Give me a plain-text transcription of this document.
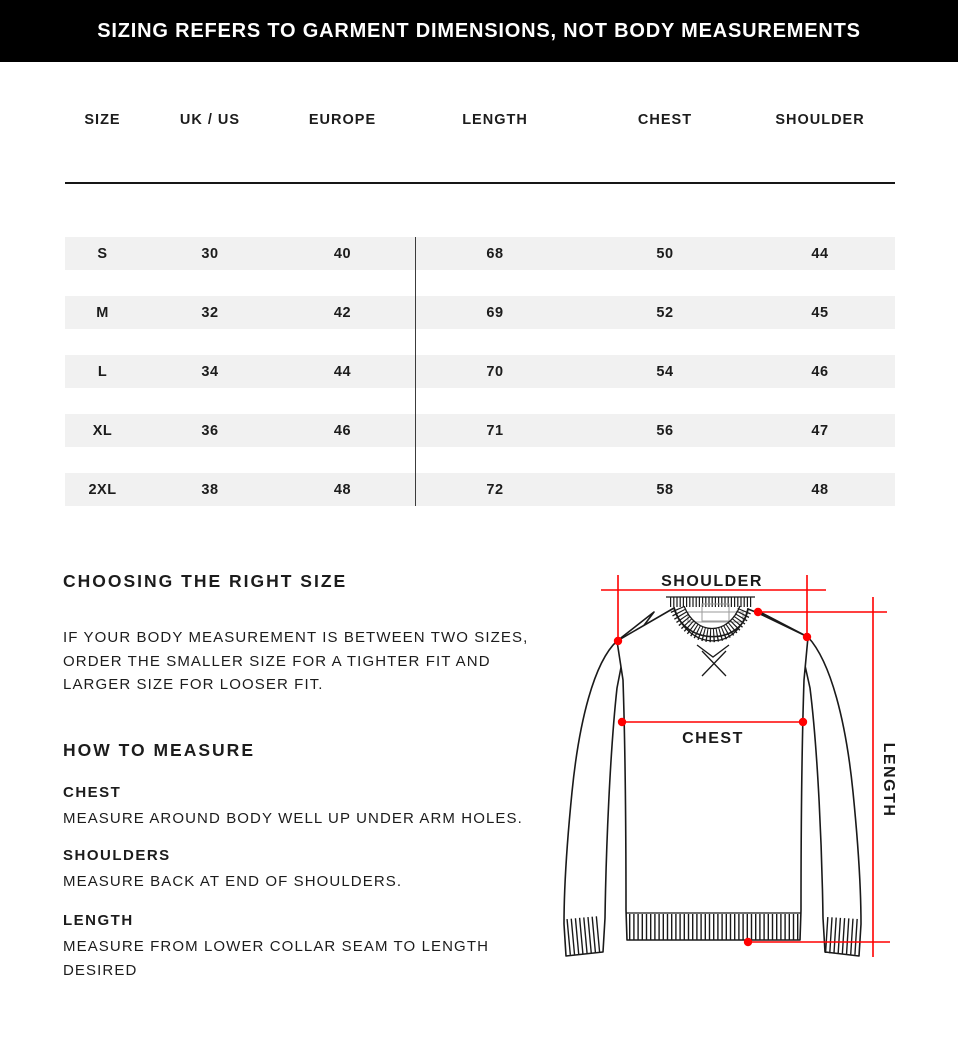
SIZING REFERS TO GARMENT DIMENSIONS, NOT BODY MEASUREMENTS
SIZE	UK / US	EUROPE	LENGTH	CHEST	SHOULDER
S	30	40	68	50	44
M	32	42	69	52	45
L	34	44	70	54	46
XL	36	46	71	56	47
2XL	38	48	72	58	48
CHOOSING THE RIGHT SIZE
IF YOUR BODY MEASUREMENT IS BETWEEN TWO SIZES,
ORDER THE SMALLER SIZE FOR A TIGHTER FIT AND
LARGER SIZE FOR LOOSER FIT.
HOW TO MEASURE
CHEST
MEASURE AROUND BODY WELL UP UNDER ARM HOLES.
SHOULDERS
MEASURE BACK AT END OF SHOULDERS.
LENGTH
MEASURE FROM LOWER COLLAR SEAM TO LENGTH
DESIRED
SHOULDER
CHEST
LENGTH
